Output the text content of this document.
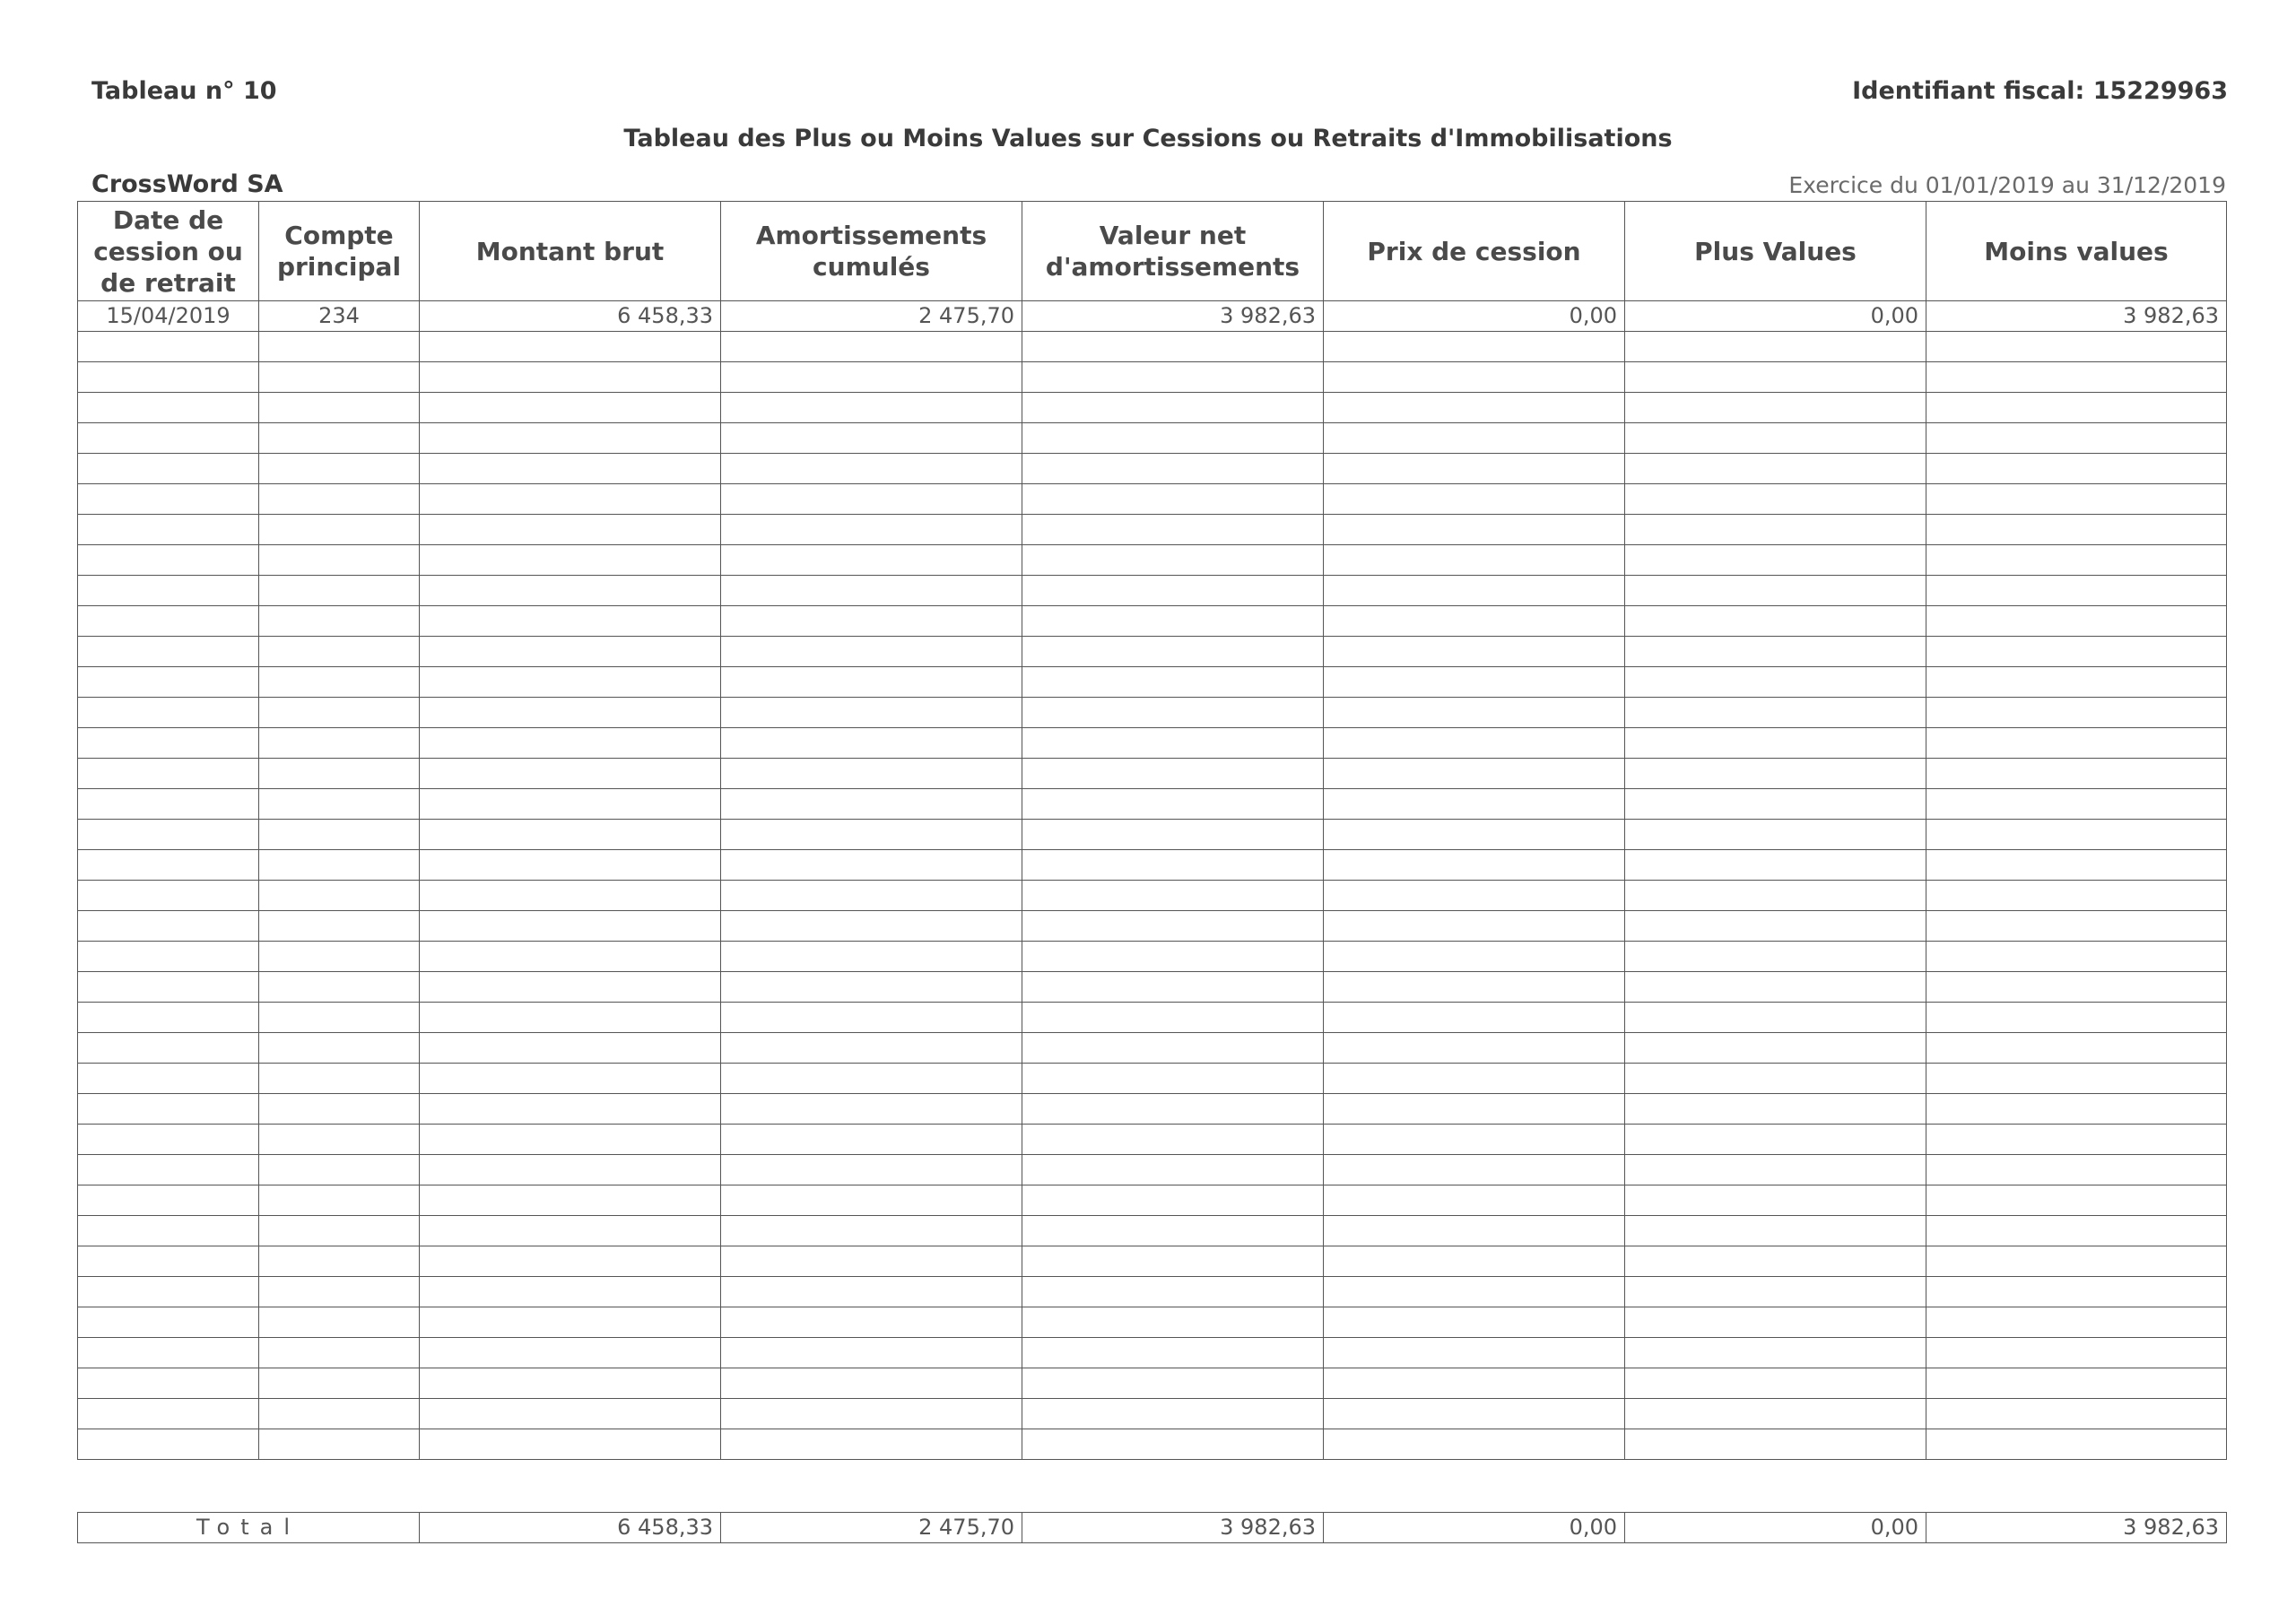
Tableau n° 10	Identifiant fiscal: 15229963
Tableau des Plus ou Moins Values sur Cessions ou Retraits d'Immobilisations
CrossWord SA	Exercice du 01/01/2019 au 31/12/2019
Date de cession ou de retrait	Compte principal	Montant brut	Amortissements cumulés	Valeur net d'amortissements	Prix de cession	Plus Values	Moins values
15/04/2019	234	6 458,33	2 475,70	3 982,63	0,00	0,00	3 982,63

Total	6 458,33	2 475,70	3 982,63	0,00	0,00	3 982,63
